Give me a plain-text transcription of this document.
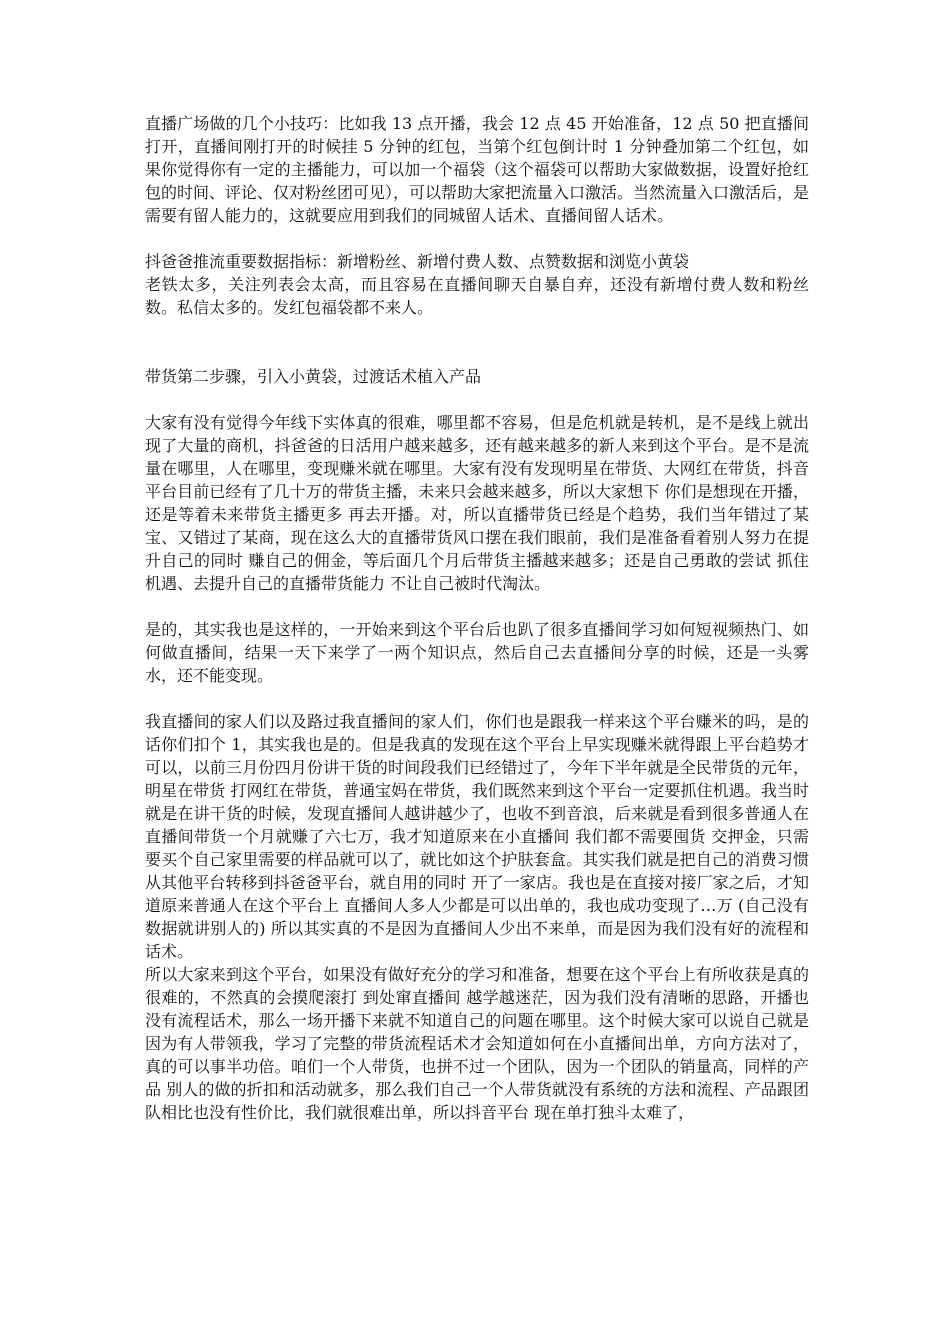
直播广场做的几个小技巧：比如我 13 点开播，我会 12 点 45 开始准备，12 点 50 把直播间打开，直播间刚打开的时候挂 5 分钟的红包，当第个红包倒计时 1 分钟叠加第二个红包，如果你觉得你有一定的主播能力，可以加一个福袋（这个福袋可以帮助大家做数据，设置好抢红包的时间、评论、仅对粉丝团可见），可以帮助大家把流量入口激活。当然流量入口激活后，是需要有留人能力的，这就要应用到我们的同城留人话术、直播间留人话术。

抖爸爸推流重要数据指标：新增粉丝、新增付费人数、点赞数据和浏览小黄袋

老铁太多，关注列表会太高，而且容易在直播间聊天自暴自弃，还没有新增付费人数和粉丝数。私信太多的。发红包福袋都不来人。

带货第二步骤，引入小黄袋，过渡话术植入产品

大家有没有觉得今年线下实体真的很难，哪里都不容易，但是危机就是转机，是不是线上就出现了大量的商机，抖爸爸的日活用户越来越多，还有越来越多的新人来到这个平台。是不是流量在哪里，人在哪里，变现赚米就在哪里。大家有没有发现明星在带货、大网红在带货，抖音平台目前已经有了几十万的带货主播，未来只会越来越多，所以大家想下 你们是想现在开播，还是等着未来带货主播更多 再去开播。对，所以直播带货已经是个趋势，我们当年错过了某宝、又错过了某商，现在这么大的直播带货风口摆在我们眼前，我们是准备看着别人努力在提升自己的同时 赚自己的佣金，等后面几个月后带货主播越来越多；还是自己勇敢的尝试 抓住机遇、去提升自己的直播带货能力 不让自己被时代淘汰。

是的，其实我也是这样的，一开始来到这个平台后也趴了很多直播间学习如何短视频热门、如何做直播间，结果一天下来学了一两个知识点，然后自己去直播间分享的时候，还是一头雾水，还不能变现。

我直播间的家人们以及路过我直播间的家人们，你们也是跟我一样来这个平台赚米的吗，是的话你们扣个 1，其实我也是的。但是我真的发现在这个平台上早实现赚米就得跟上平台趋势才可以，以前三月份四月份讲干货的时间段我们已经错过了，今年下半年就是全民带货的元年，明星在带货 打网红在带货，普通宝妈在带货，我们既然来到这个平台一定要抓住机遇。我当时就是在讲干货的时候，发现直播间人越讲越少了，也收不到音浪，后来就是看到很多普通人在直播间带货一个月就赚了六七万，我才知道原来在小直播间 我们都不需要囤货 交押金，只需要买个自己家里需要的样品就可以了，就比如这个护肤套盒。其实我们就是把自己的消费习惯从其他平台转移到抖爸爸平台，就自用的同时 开了一家店。我也是在直接对接厂家之后，才知道原来普通人在这个平台上 直播间人多人少都是可以出单的，我也成功变现了…万 (自己没有数据就讲别人的) 所以其实真的不是因为直播间人少出不来单，而是因为我们没有好的流程和话术。

所以大家来到这个平台，如果没有做好充分的学习和准备，想要在这个平台上有所收获是真的很难的，不然真的会摸爬滚打 到处窜直播间 越学越迷茫，因为我们没有清晰的思路，开播也没有流程话术，那么一场开播下来就不知道自己的问题在哪里。这个时候大家可以说自己就是因为有人带领我，学习了完整的带货流程话术才会知道如何在小直播间出单，方向方法对了，真的可以事半功倍。咱们一个人带货，也拼不过一个团队，因为一个团队的销量高，同样的产品 别人的做的折扣和活动就多，那么我们自己一个人带货就没有系统的方法和流程、产品跟团队相比也没有性价比，我们就很难出单，所以抖音平台 现在单打独斗太难了，
